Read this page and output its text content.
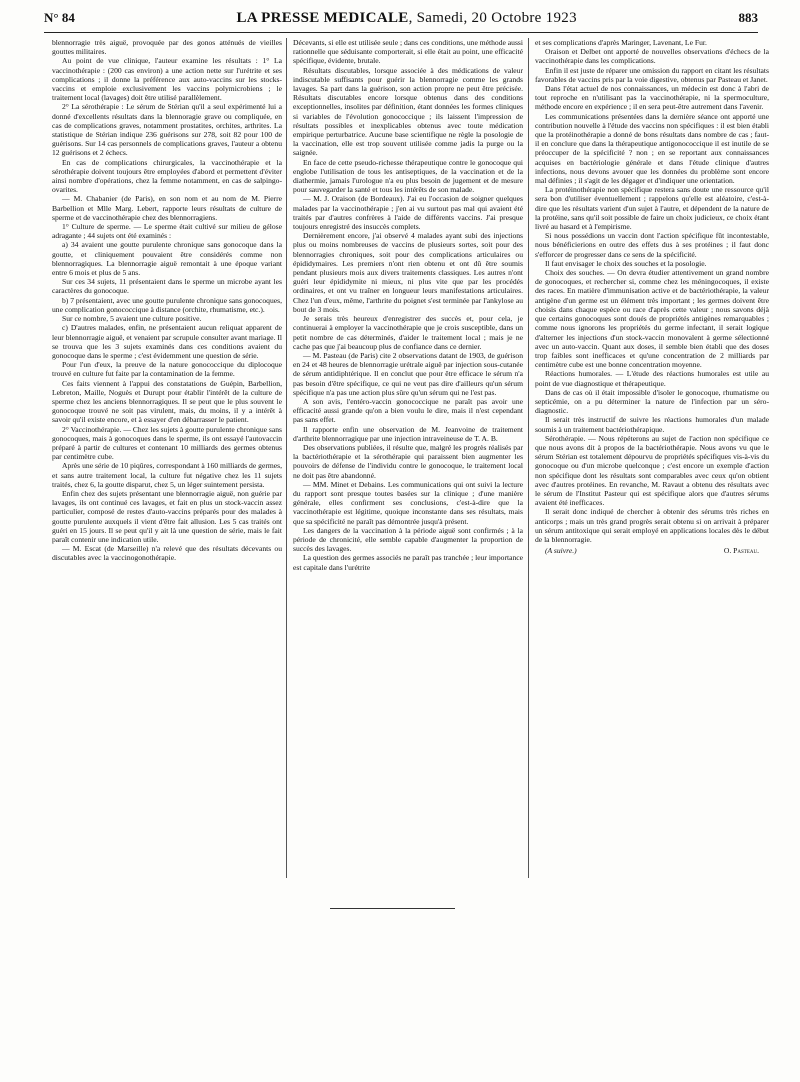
N° 84	LA PRESSE MEDICALE, Samedi, 20 Octobre 1923	883

blennorragie très aiguë, provoquée par des gonos atténués de vieilles gouttes militaires.

Au point de vue clinique, l'auteur examine les résultats : 1° La vaccinothérapie : (200 cas environ) a une action nette sur l'urétrite et ses complications ; il donne la préférence aux auto-vaccins sur les stocks-vaccins et emploie exclusivement les vaccins polymicrobiens ; le traitement local (lavages) doit être utilisé parallèlement.

2° La sérothérapie : Le sérum de Stérian qu'il a seul expérimenté lui a donné d'excellents résultats dans la blennoragie grave ou compliquée, en cas de complications graves, notamment prostatites, orchites, arthrites. La statistique de Stérian indique 236 guérisons sur 278, soit 82 pour 100 de guérisons. Sur 14 cas personnels de complications graves, l'auteur a obtenu 12 guérisons et 2 échecs.

En cas de complications chirurgicales, la vaccinothérapie et la sérothérapie doivent toujours être employées d'abord et permettent d'éviter ainsi nombre d'opérations, chez la femme notamment, en cas de salpingo-ovarites.

— M. Chabanier (de Paris), en son nom et au nom de M. Pierre Barbellion et Mlle Marg. Lebert, rapporte leurs résultats de culture de sperme et de vaccinothérapie chez des blennorragiens.

1° Culture de sperme. — Le sperme était cultivé sur milieu de gélose adragante ; 44 sujets ont été examinés :

a) 34 avaient une goutte purulente chronique sans gonocoque dans la goutte, et cliniquement pouvaient être considérés comme non blennorragiques. La blennorragie aiguë remontait à une époque variant entre 6 mois et plus de 5 ans.

Sur ces 34 sujets, 11 présentaient dans le sperme un microbe ayant les caractères du gonocoque.

b) 7 présentaient, avec une goutte purulente chronique sans gonocoques, une complication gonococcique à distance (orchite, rhumatisme, etc.).

Sur ce nombre, 5 avaient une culture positive.

c) D'autres malades, enfin, ne présentaient aucun reliquat apparent de leur blennorragie aiguë, et venaient par scrupule consulter avant mariage. Il se trouva que les 3 sujets examinés dans ces conditions avaient du gonocoque dans le sperme ; c'est évidemment une question de série.

Pour l'un d'eux, la preuve de la nature gonococcique du diplocoque trouvé en culture fut faite par la contamination de la femme.

Ces faits viennent à l'appui des constatations de Guépin, Barbellion, Lebreton, Maille, Noguès et Durupt pour établir l'intérêt de la culture de sperme chez les anciens blennorragiques. Il se peut que le plus souvent le gonocoque trouvé ne soit pas virulent, mais, du moins, il y a intérêt à savoir qu'il existe encore, et à essayer d'en débarrasser le patient.

2° Vaccinothérapie. — Chez les sujets à goutte purulente chronique sans gonocoques, mais à gonocoques dans le sperme, ils ont essayé l'autovaccin préparé à partir de cultures et contenant 10 milliards des germes obtenus par centimètre cube.

Après une série de 10 piqûres, correspondant à 160 milliards de germes, et sans autre traitement local, la culture fut négative chez les 11 sujets traités, chez 6, la goutte disparut, chez 5, un léger suintement persista.

Enfin chez des sujets présentant une blennorragie aiguë, non guérie par lavages, ils ont continué ces lavages, et fait en plus un stock-vaccin assez particulier, composé de restes d'auto-vaccins préparés pour des malades à goutte purulente auxquels il vient d'être fait allusion. Les 5 cas traités ont guéri en 15 jours. Il se peut qu'il y ait là une question de série, mais le fait paraît contenir une indication utile.

— M. Escat (de Marseille) n'a relevé que des résultats décevants ou discutables avec la vaccinogonothérapie.

Décevants, si elle est utilisée seule ; dans ces conditions, une méthode aussi rationnelle que séduisante comporterait, si elle était au point, une efficacité spécifique, évidente, brutale.

Résultats discutables, lorsque associée à des médications de valeur indiscutable suffisants pour guérir la blennorragie comme les grands lavages. Sa part dans la guérison, son action propre ne peut être précisée. Résultats discutables encore lorsque obtenus dans des conditions exceptionnelles, insolites par définition, étant données les formes cliniques si variables de l'évolution gonococcique ; ils laissent l'impression de résultats possibles et inexplicables obtenus avec toute médication empirique perturbatrice. Aucune base scientifique ne règle la posologie de la vaccination, elle est trop souvent utilisée comme jadis la purge ou la saignée.

En face de cette pseudo-richesse thérapeutique contre le gonocoque qui englobe l'utilisation de tous les antiseptiques, de la vaccination et de la diathermie, jamais l'urologue n'a eu plus besoin de jugement et de mesure pour sauvegarder la santé et tous les intérêts de son malade.

— M. J. Oraison (de Bordeaux). J'ai eu l'occasion de soigner quelques malades par la vaccinothérapie ; j'en ai vu surtout pas mal qui avaient été traités par d'autres confrères à l'aide de différents vaccins. J'ai presque toujours enregistré des insuccès complets.

Dernièrement encore, j'ai observé 4 malades ayant subi des injections plus ou moins nombreuses de vaccins de plusieurs sortes, soit pour des blennorragies chroniques, soit pour des complications articulaires ou épididymaires. Les premiers n'ont rien obtenu et ont dû être soumis pendant plusieurs mois aux divers traitements classiques. Les autres n'ont guéri leur épididymite ni mieux, ni plus vite que par les procédés ordinaires, et ont vu traîner en longueur leurs manifestations articulaires. Chez l'un d'eux, même, l'arthrite du poignet s'est terminée par l'ankylose au bout de 3 mois.

Je serais très heureux d'enregistrer des succès et, pour cela, je continuerai à employer la vaccinothérapie que je crois susceptible, dans un petit nombre de cas déterminés, d'aider le traitement local ; mais je ne cache pas que j'ai beaucoup plus de confiance dans ce dernier.

— M. Pasteau (de Paris) cite 2 observations datant de 1903, de guérison en 24 et 48 heures de blennorragie urétrale aiguë par injection sous-cutanée de sérum antidiphtérique. Il en conclut que pour être efficace le sérum n'a pas besoin d'être spécifique, ce qui ne veut pas dire d'ailleurs qu'un sérum spécifique n'a pas une action plus sûre qu'un sérum qui ne l'est pas.

A son avis, l'entéro-vaccin gonococcique ne paraît pas avoir une efficacité aussi grande qu'on a bien voulu le dire, mais il n'est cependant pas sans effet.

Il rapporte enfin une observation de M. Jeanvoine de traitement d'arthrite blennorragique par une injection intraveineuse de T. A. B.

Des observations publiées, il résulte que, malgré les progrès réalisés par la bactériothérapie et la sérothérapie qui paraissent bien augmenter les pouvoirs de défense de l'individu contre le gonocoque, le traitement local ne doit pas être abandonné.

— MM. Minet et Debains. Les communications qui ont suivi la lecture du rapport sont presque toutes basées sur la clinique ; d'une manière générale, elles confirment ses conclusions, c'est-à-dire que la vaccinothérapie est légitime, quoique inconstante dans ses résultats, mais que sa spécificité ne paraît pas démontrée jusqu'à présent.

Les dangers de la vaccination à la période aiguë sont confirmés ; à la période de chronicité, elle semble capable d'augmenter la proportion de succès des lavages.

La question des germes associés ne paraît pas tranchée ; leur importance est capitale dans l'urétrite

et ses complications d'après Maringer, Lavenant, Le Fur.

Oraison et Delbet ont apporté de nouvelles observations d'échecs de la vaccinothérapie dans les complications.

Enfin il est juste de réparer une omission du rapport en citant les résultats favorables de vaccins pris par la voie digestive, obtenus par Pasteau et Janet.

Dans l'état actuel de nos connaissances, un médecin est donc à l'abri de tout reproche en n'utilisant pas la vaccinothérapie, ni la spermoculture, méthode encore en expérience ; il en sera peut-être autrement dans l'avenir.

Les communications présentées dans la dernière séance ont apporté une contribution nouvelle à l'étude des vaccins non spécifiques : il est bien établi que la protéinothérapie a donné de bons résultats dans nombre de cas ; faut-il en conclure que dans la thérapeutique antigonococcique il est inutile de se préoccuper de la spécificité ? non ; en se reportant aux connaissances acquises en bactériologie générale et dans l'étude clinique d'autres infections, nous devons avouer que les données du problème sont encore mal définies ; il s'agit de les dégager et d'indiquer une orientation.

La protéinothérapie non spécifique restera sans doute une ressource qu'il sera bon d'utiliser éventuellement ; rappelons qu'elle est aléatoire, c'est-à-dire que les résultats varient d'un sujet à l'autre, et dépendent de la nature de la protéine, sans qu'il soit possible de faire un choix judicieux, ce choix étant livré au hasard et à l'empirisme.

Si nous possédions un vaccin dont l'action spécifique fût incontestable, nous bénéficierions en outre des effets dus à ses protéines ; il faut donc s'efforcer de progresser dans ce sens de la spécificité.

Il faut envisager le choix des souches et la posologie.

Choix des souches. — On devra étudier attentivement un grand nombre de gonocoques, et rechercher si, comme chez les méningocoques, il existe des races. En matière d'immunisation active et de bactériothérapie, la valeur antigène d'un germe est un élément très important ; les germes doivent être choisis dans chaque espèce ou race d'après cette valeur ; nous savons déjà que certains gonocoques sont doués de propriétés antigènes remarquables ; comme nous ignorons les propriétés du germe infectant, il serait logique d'alterner les injections d'un stock-vaccin monovalent à germe sélectionné avec un auto-vaccin. Quant aux doses, il semble bien établi que des doses trop faibles sont inefficaces et qu'une concentration de 2 milliards par centimètre cube est une bonne concentration moyenne.

Réactions humorales. — L'étude des réactions humorales est utile au point de vue diagnostique et thérapeutique.

Dans de cas où il était impossible d'isoler le gonocoque, rhumatisme ou septicémie, on a pu déterminer la nature de l'infection par un séro-diagnostic.

Il serait très instructif de suivre les réactions humorales d'un malade soumis à un traitement bactériothérapique.

Sérothérapie. — Nous répéterons au sujet de l'action non spécifique ce que nous avons dit à propos de la bactériothérapie. Nous avons vu que le sérum Stérian est totalement dépourvu de propriétés spécifiques vis-à-vis du gonocoque ou d'un microbe quelconque ; c'est encore un exemple d'action non spécifique dont les résultats sont comparables avec ceux qu'on obtient avec d'autres protéines. En revanche, M. Ravaut a obtenu des résultats avec le sérum de l'Institut Pasteur qui est spécifique alors que d'autres sérums avaient été inefficaces.

Il serait donc indiqué de chercher à obtenir des sérums très riches en anticorps ; mais un très grand progrès serait obtenu si on arrivait à préparer un sérum antitoxique qui serait employé en applications locales dès le début de la blennorragie.

(A suivre.)	O. Pasteau.
